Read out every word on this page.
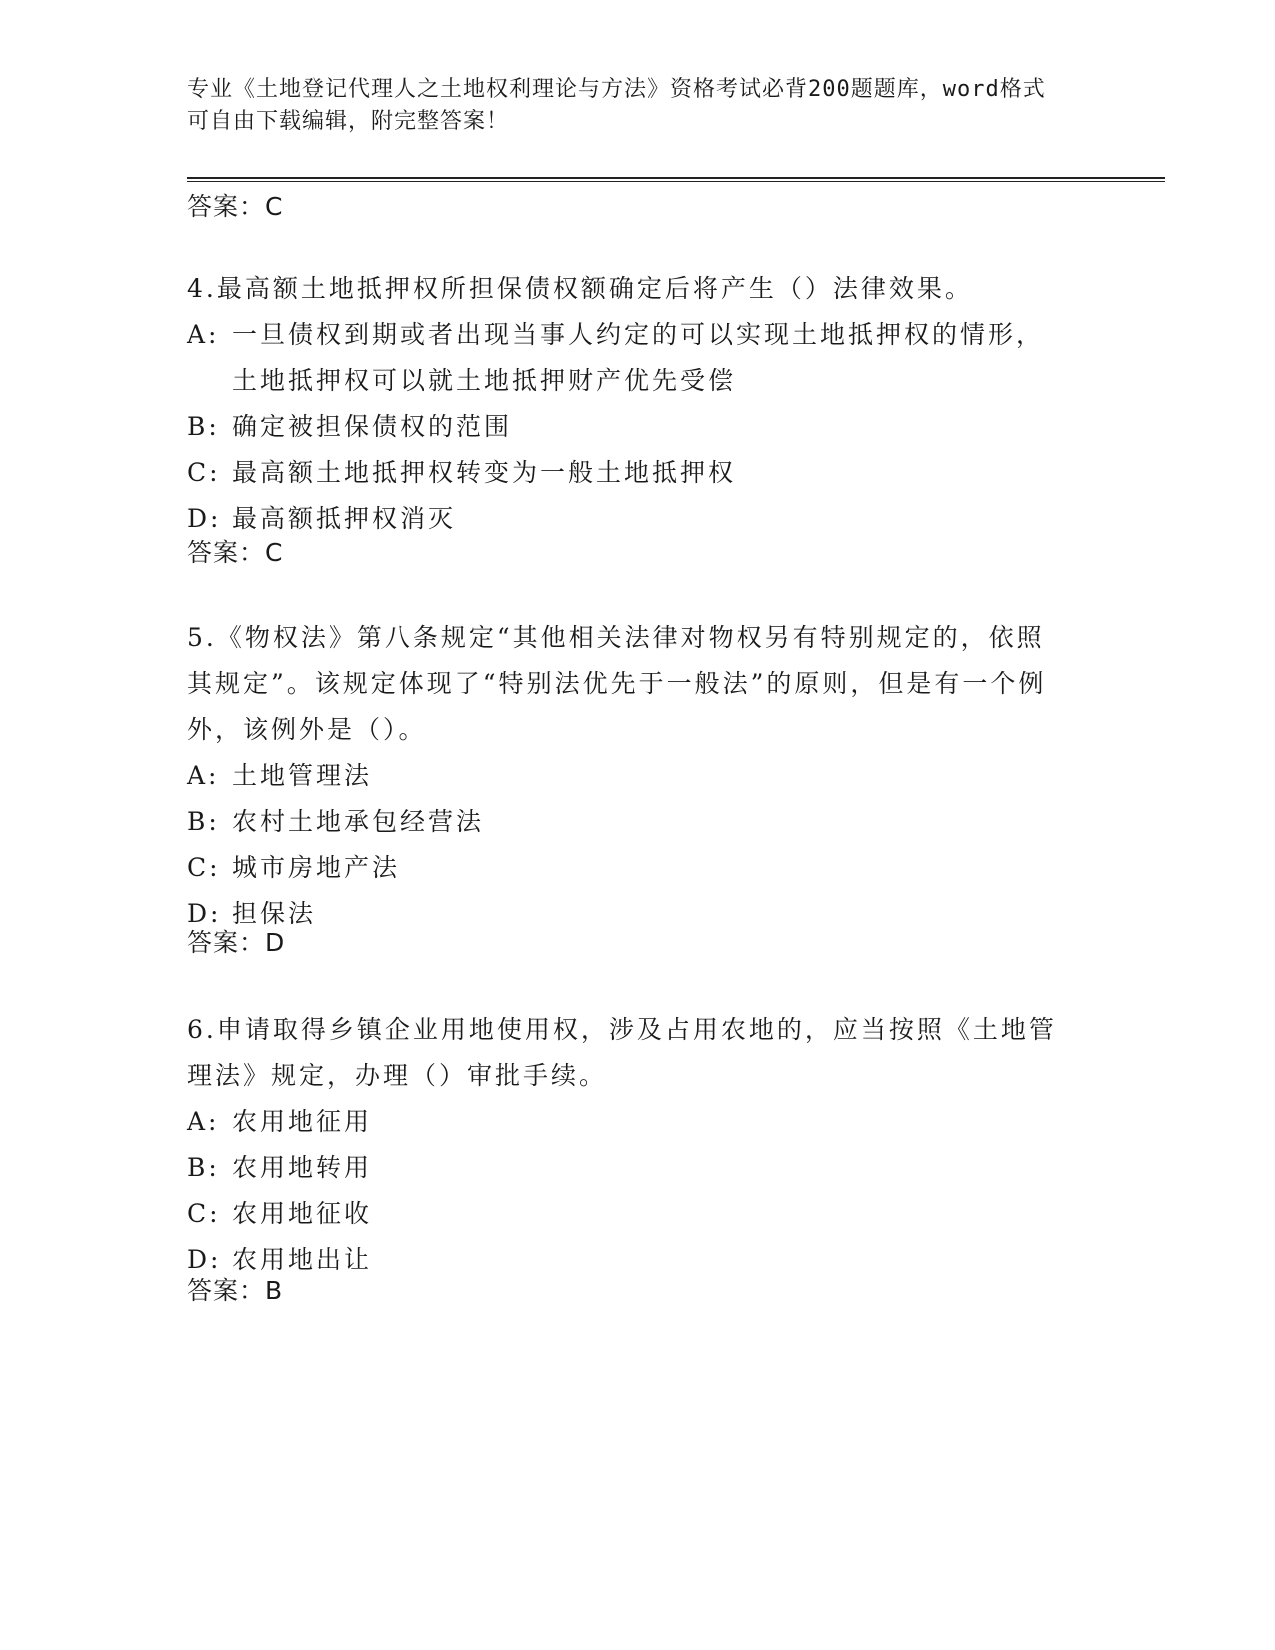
专业《土地登记代理人之土地权利理论与方法》资格考试必背200题题库，word格式可自由下载编辑，附完整答案！

答案：C

4.最高额土地抵押权所担保债权额确定后将产生（）法律效果。

A: 一旦债权到期或者出现当事人约定的可以实现土地抵押权的情形，土地抵押权可以就土地抵押财产优先受偿
B: 确定被担保债权的范围
C: 最高额土地抵押权转变为一般土地抵押权
D: 最高额抵押权消灭

答案：C

5.《物权法》第八条规定“其他相关法律对物权另有特别规定的，依照其规定”。该规定体现了“特别法优先于一般法”的原则，但是有一个例外，该例外是（）。

A: 土地管理法
B: 农村土地承包经营法
C: 城市房地产法
D: 担保法

答案：D

6.申请取得乡镇企业用地使用权，涉及占用农地的，应当按照《土地管理法》规定，办理（）审批手续。

A: 农用地征用
B: 农用地转用
C: 农用地征收
D: 农用地出让

答案：B
